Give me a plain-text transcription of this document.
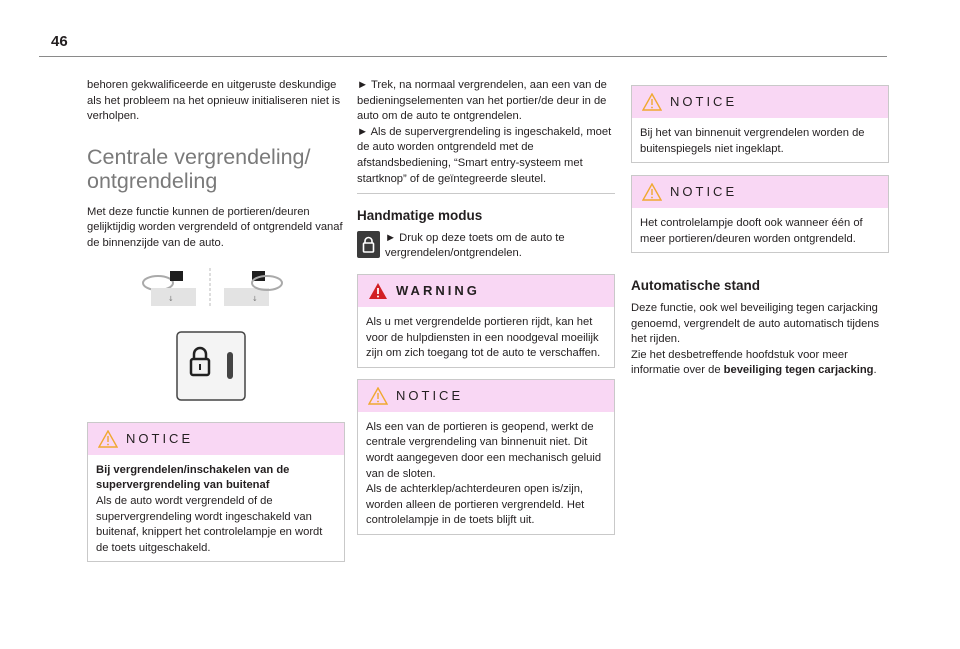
46

behoren gekwalificeerde en uitgeruste deskundige als het probleem na het opnieuw initialiseren niet is verholpen.

Centrale vergrendeling/
ontgrendeling

Met deze functie kunnen de portieren/deuren gelijktijdig worden vergrendeld of ontgrendeld vanaf de binnenzijde van de auto.

↓	↓

NOTICE

Bij vergrendelen/inschakelen van de supervergrendeling van buitenaf

Als de auto wordt vergrendeld of de supervergrendeling wordt ingeschakeld van buitenaf, knippert het controlelampje en wordt de toets uitgeschakeld.

► Trek, na normaal vergrendelen, aan een van de bedieningselementen van het portier/de deur in de auto om de auto te ontgrendelen.

► Als de supervergrendeling is ingeschakeld, moet de auto worden ontgrendeld met de afstandsbediening, “Smart entry-systeem met startknop” of de geïntegreerde sleutel.

Handmatige modus

► Druk op deze toets om de auto te vergrendelen/ontgrendelen.

WARNING

Als u met vergrendelde portieren rijdt, kan het voor de hulpdiensten in een noodgeval moeilijk zijn om zich toegang tot de auto te verschaffen.

NOTICE

Als een van de portieren is geopend, werkt de centrale vergrendeling van binnenuit niet. Dit wordt aangegeven door een mechanisch geluid van de sloten.

Als de achterklep/achterdeuren open is/zijn, worden alleen de portieren vergrendeld. Het controlelampje in de toets blijft uit.

NOTICE

Bij het van binnenuit vergrendelen worden de buitenspiegels niet ingeklapt.

NOTICE

Het controlelampje dooft ook wanneer één of meer portieren/deuren worden ontgrendeld.

Automatische stand

Deze functie, ook wel beveiliging tegen carjacking genoemd, vergrendelt de auto automatisch tijdens het rijden.

Zie het desbetreffende hoofdstuk voor meer informatie over de beveiliging tegen carjacking.
